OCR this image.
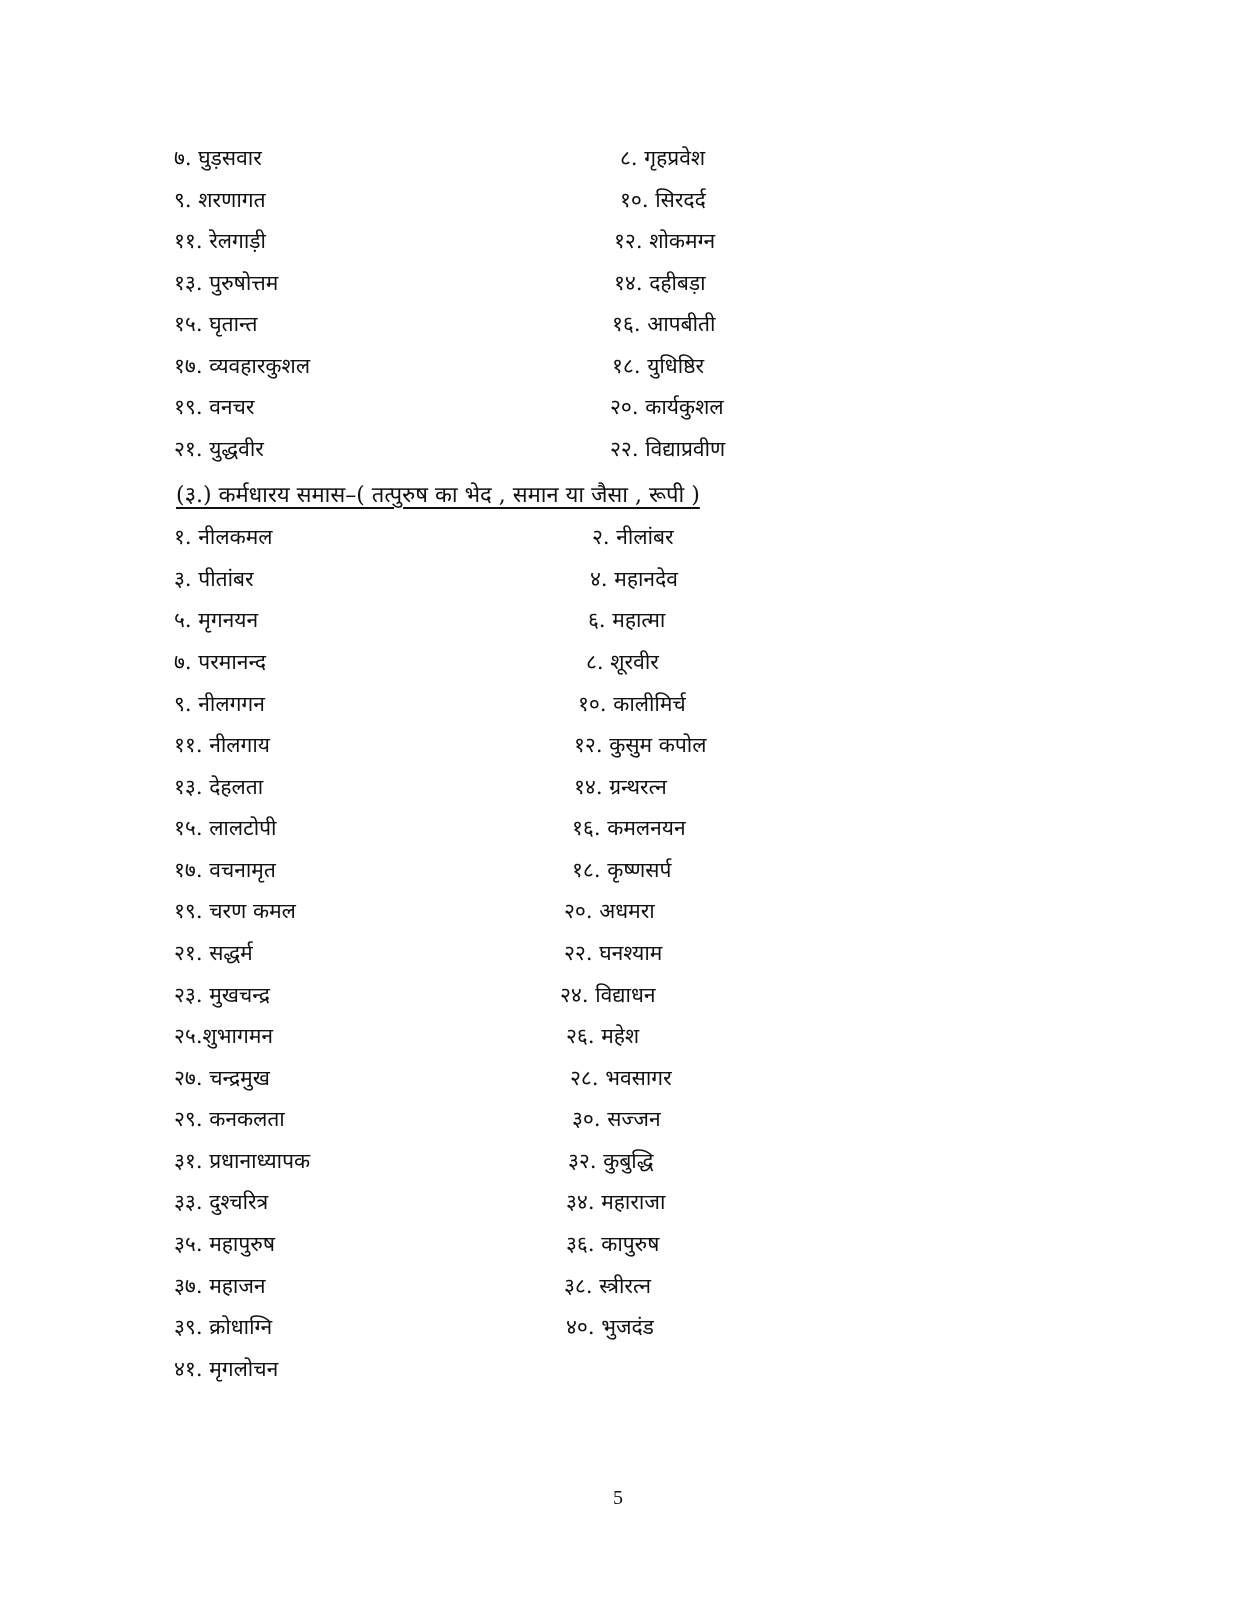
७. घुड़सवार	८. गृहप्रवेश
९. शरणागत	१०. सिरदर्द
११. रेलगाड़ी	१२. शोकमग्न
१३. पुरुषोत्तम	१४. दहीबड़ा
१५. घृतान्त	१६. आपबीती
१७. व्यवहारकुशल	१८. युधिष्ठिर
१९. वनचर	२०. कार्यकुशल
२१. युद्धवीर	२२. विद्याप्रवीण
(३.) कर्मधारय समास–( तत्पुरुष का भेद , समान या जैसा , रूपी )
१. नीलकमल	२. नीलांबर
३. पीतांबर	४. महानदेव
५. मृगनयन	६. महात्मा
७. परमानन्द	८. शूरवीर
९. नीलगगन	१०. कालीमिर्च
११. नीलगाय	१२. कुसुम कपोल
१३. देहलता	१४. ग्रन्थरत्न
१५. लालटोपी	१६. कमलनयन
१७. वचनामृत	१८. कृष्णसर्प
१९. चरण कमल	२०. अधमरा
२१. सद्धर्म	२२. घनश्याम
२३. मुखचन्द्र	२४. विद्याधन
२५.शुभागमन	२६. महेश
२७. चन्द्रमुख	२८. भवसागर
२९. कनकलता	३०. सज्जन
३१. प्रधानाध्यापक	३२. कुबुद्धि
३३. दुश्चरित्र	३४. महाराजा
३५. महापुरुष	३६. कापुरुष
३७. महाजन	३८. स्त्रीरत्न
३९. क्रोधाग्नि	४०. भुजदंड
४१. मृगलोचन
5
